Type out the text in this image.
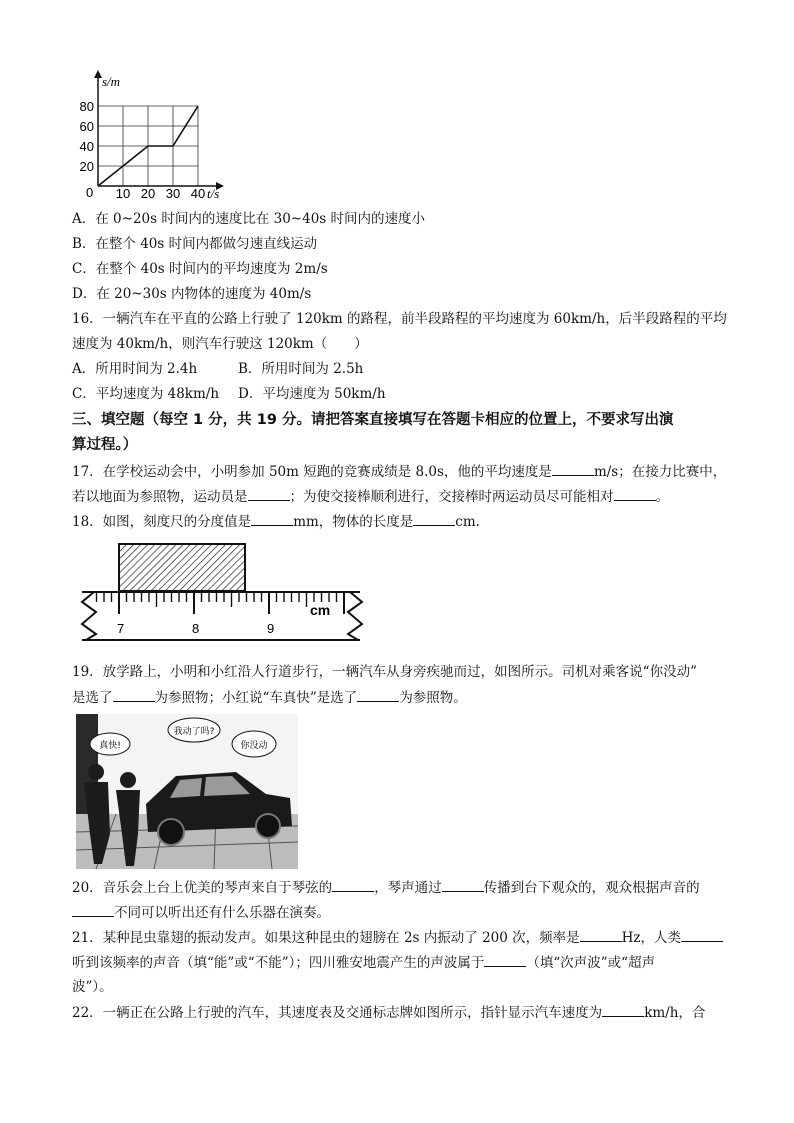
s/m
t/s
0
20
40
60
80
10 20 30 40
A．在 0~20s 时间内的速度比在 30~40s 时间内的速度小
B．在整个 40s 时间内都做匀速直线运动
C．在整个 40s 时间内的平均速度为 2m/s
D．在 20~30s 内物体的速度为 40m/s
16．一辆汽车在平直的公路上行驶了 120km 的路程，前半段路程的平均速度为 60km/h，后半段路程的平均
速度为 40km/h，则汽车行驶这 120km（　　）
A．所用时间为 2.4h	B．所用时间为 2.5h
C．平均速度为 48km/h D．平均速度为 50km/h
三、填空题（每空 1 分，共 19 分。请把答案直接填写在答题卡相应的位置上，不要求写出演
算过程。）
17．在学校运动会中，小明参加 50m 短跑的竞赛成绩是 8.0s，他的平均速度是	m/s；在接力比赛中，
若以地面为参照物，运动员是	；为使交接棒顺利进行，交接棒时两运动员尽可能相对	。
18．如图，刻度尺的分度值是	mm，物体的长度是	cm.
cm
7	8	9
19．放学路上，小明和小红沿人行道步行，一辆汽车从身旁疾驰而过，如图所示。司机对乘客说“你没动”
是选了	为参照物；小红说“车真快”是选了	为参照物。
真快!
我动了吗?
你没动
20．音乐会上台上优美的琴声来自于琴弦的	，琴声通过	传播到台下观众的，观众根据声音的
不同可以听出还有什么乐器在演奏。
21．某种昆虫靠翅的振动发声。如果这种昆虫的翅膀在 2s 内振动了 200 次，频率是	Hz，人类
听到该频率的声音（填“能”或“不能”）；四川雅安地震产生的声波属于	（填“次声波”或“超声
波”）。
22．一辆正在公路上行驶的汽车，其速度表及交通标志牌如图所示，指针显示汽车速度为	km/h，合
